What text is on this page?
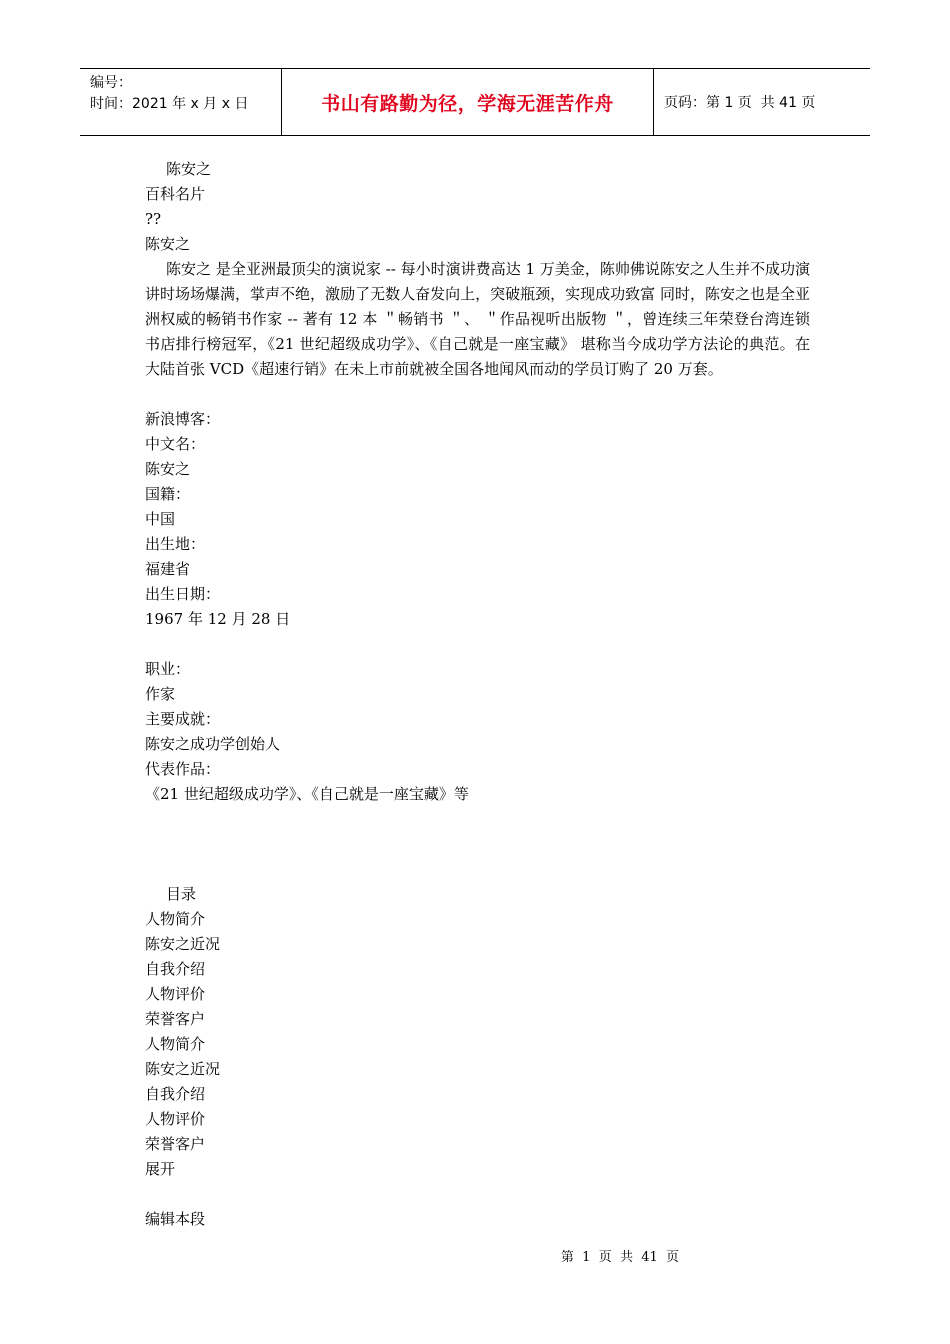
编号：
时间：2021 年 x 月 x 日	书山有路勤为径，学海无涯苦作舟	页码：第 1 页  共 41 页
陈安之
百科名片
??
陈安之
陈安之 是全亚洲最顶尖的演说家 -- 每小时演讲费高达 1 万美金，陈帅佛说陈安之人生并不成功演讲时场场爆满，掌声不绝，激励了无数人奋发向上，突破瓶颈，实现成功致富 同时，陈安之也是全亚洲权威的畅销书作家 -- 著有 12 本 ＂畅销书 ＂、 ＂作品视听出版物 ＂，曾连续三年荣登台湾连锁书店排行榜冠军，《21 世纪超级成功学》、《自己就是一座宝藏》 堪称当今成功学方法论的典范。在 大陆首张 VCD《超速行销》在未上市前就被全国各地闻风而动的学员订购了 20 万套。
新浪博客：
中文名：
陈安之
国籍：
中国
出生地：
福建省
出生日期：
1967 年 12 月 28 日
职业：
作家
主要成就：
陈安之成功学创始人
代表作品：
《21 世纪超级成功学》、《自己就是一座宝藏》等
目录
人物简介
陈安之近况
自我介绍
人物评价
荣誉客户
人物简介
陈安之近况
自我介绍
人物评价
荣誉客户
展开
编辑本段
第  1  页  共  41  页
